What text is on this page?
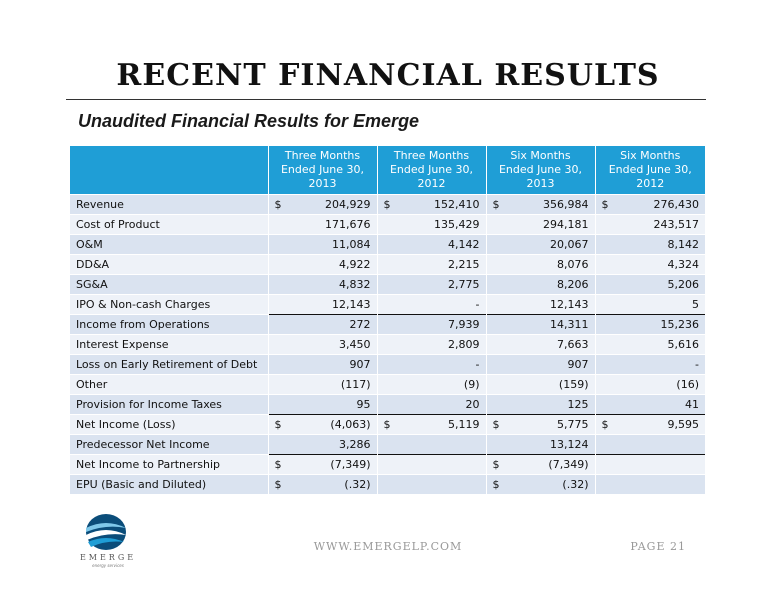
RECENT FINANCIAL RESULTS
Unaudited Financial Results for Emerge
	Three Months Ended June 30, 2013	Three Months Ended June 30, 2012	Six Months Ended June 30, 2013	Six Months Ended June 30, 2012
Revenue	$ 204,929	$ 152,410	$ 356,984	$ 276,430

Cost of Product	171,676	135,429	294,181	243,517

O&M	11,084	4,142	20,067	8,142

DD&A	4,922	2,215	8,076	4,324

SG&A	4,832	2,775	8,206	5,206

IPO & Non-cash Charges	12,143	-	12,143	5

Income from Operations	272	7,939	14,311	15,236

Interest Expense	3,450	2,809	7,663	5,616

Loss on Early Retirement of Debt	907	-	907	-

Other	(117)	(9)	(159)	(16)

Provision for Income Taxes	95	20	125	41

Net Income (Loss)	$ (4,063)	$ 5,119	$ 5,775	$ 9,595

Predecessor Net Income	3,286		13,124	

Net Income to Partnership	$ (7,349)		$ (7,349)	

EPU (Basic and Diluted)	$ (.32)		$ (.32)	

EMERGE
energy services
WWW.EMERGELP.COM	PAGE 21
